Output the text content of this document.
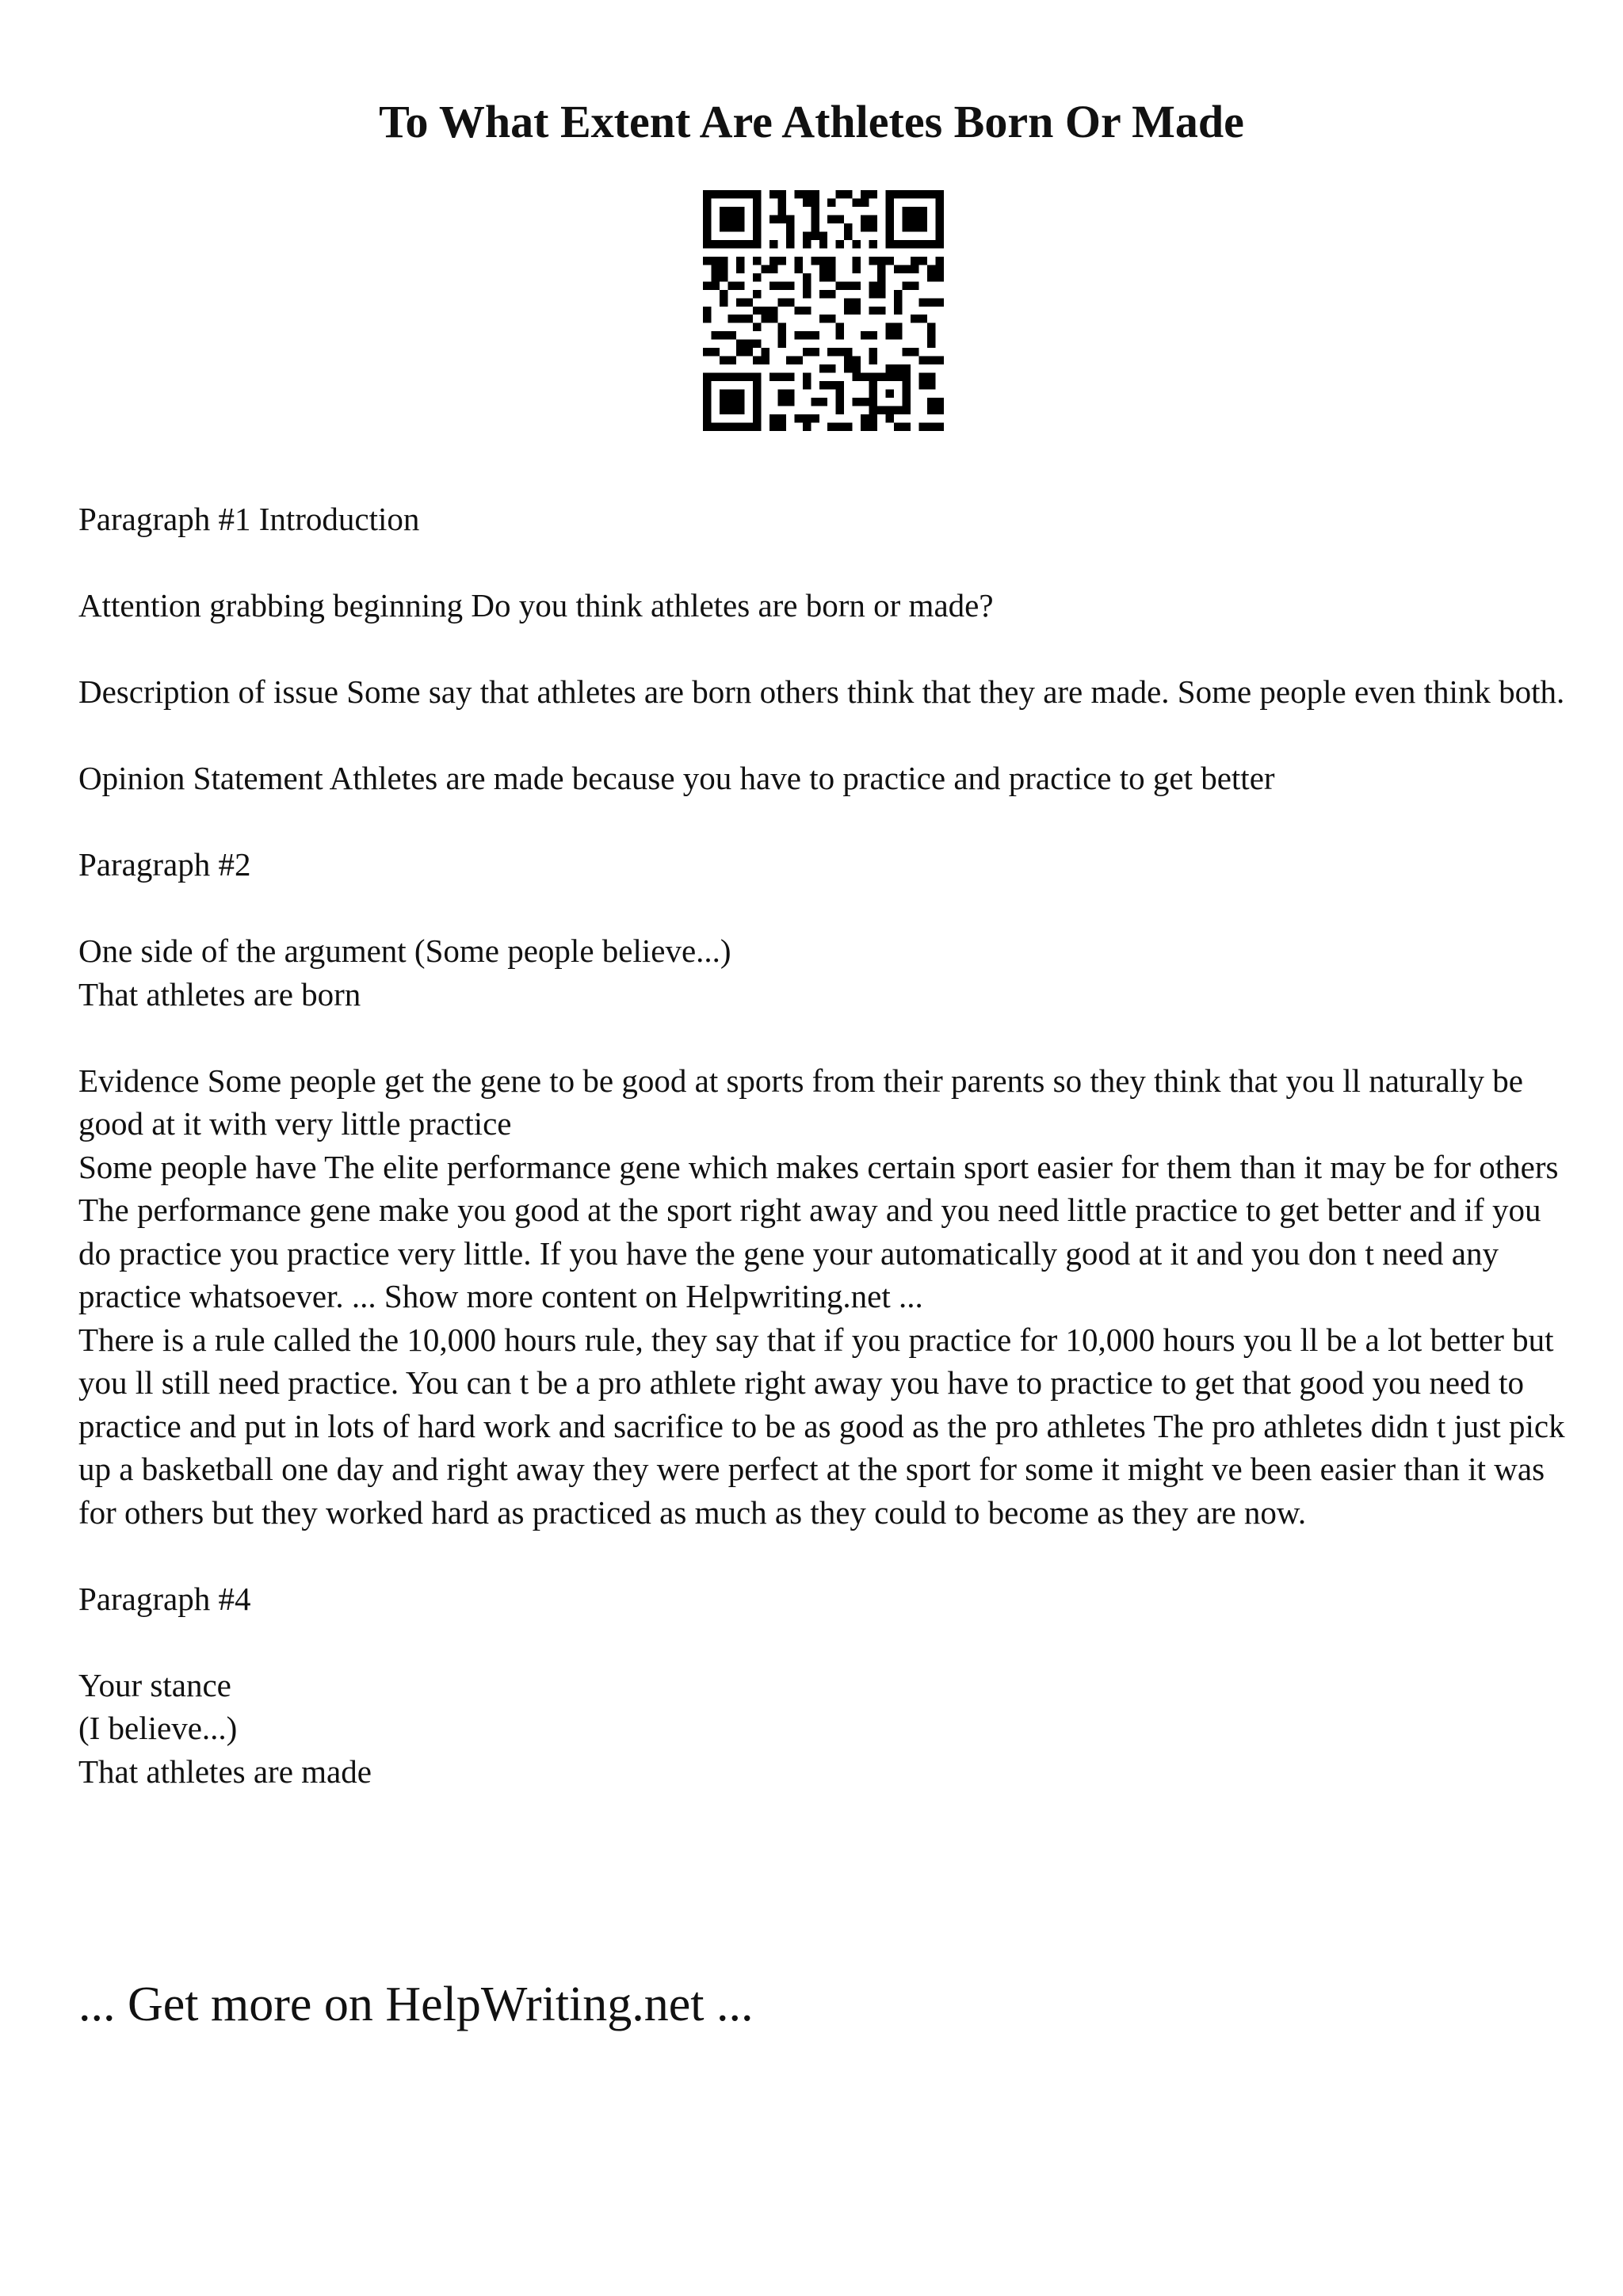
To What Extent Are Athletes Born Or Made

Paragraph #1 Introduction

Attention grabbing beginning Do you think athletes are born or made?

Description of issue Some say that athletes are born others think that they are made. Some people even think both.

Opinion Statement Athletes are made because you have to practice and practice to get better

Paragraph #2

One side of the argument (Some people believe...)
That athletes are born

Evidence Some people get the gene to be good at sports from their parents so they think that you ll naturally be good at it with very little practice
Some people have The elite performance gene which makes certain sport easier for them than it may be for others
The performance gene make you good at the sport right away and you need little practice to get better and if you do practice you practice very little. If you have the gene your automatically good at it and you don t need any practice whatsoever. ... Show more content on Helpwriting.net ...
There is a rule called the 10,000 hours rule, they say that if you practice for 10,000 hours you ll be a lot better but you ll still need practice. You can t be a pro athlete right away you have to practice to get that good you need to practice and put in lots of hard work and sacrifice to be as good as the pro athletes The pro athletes didn t just pick up a basketball one day and right away they were perfect at the sport for some it might ve been easier than it was for others but they worked hard as practiced as much as they could to become as they are now.

Paragraph #4

Your stance
(I believe...)
That athletes are made

... Get more on HelpWriting.net ...
